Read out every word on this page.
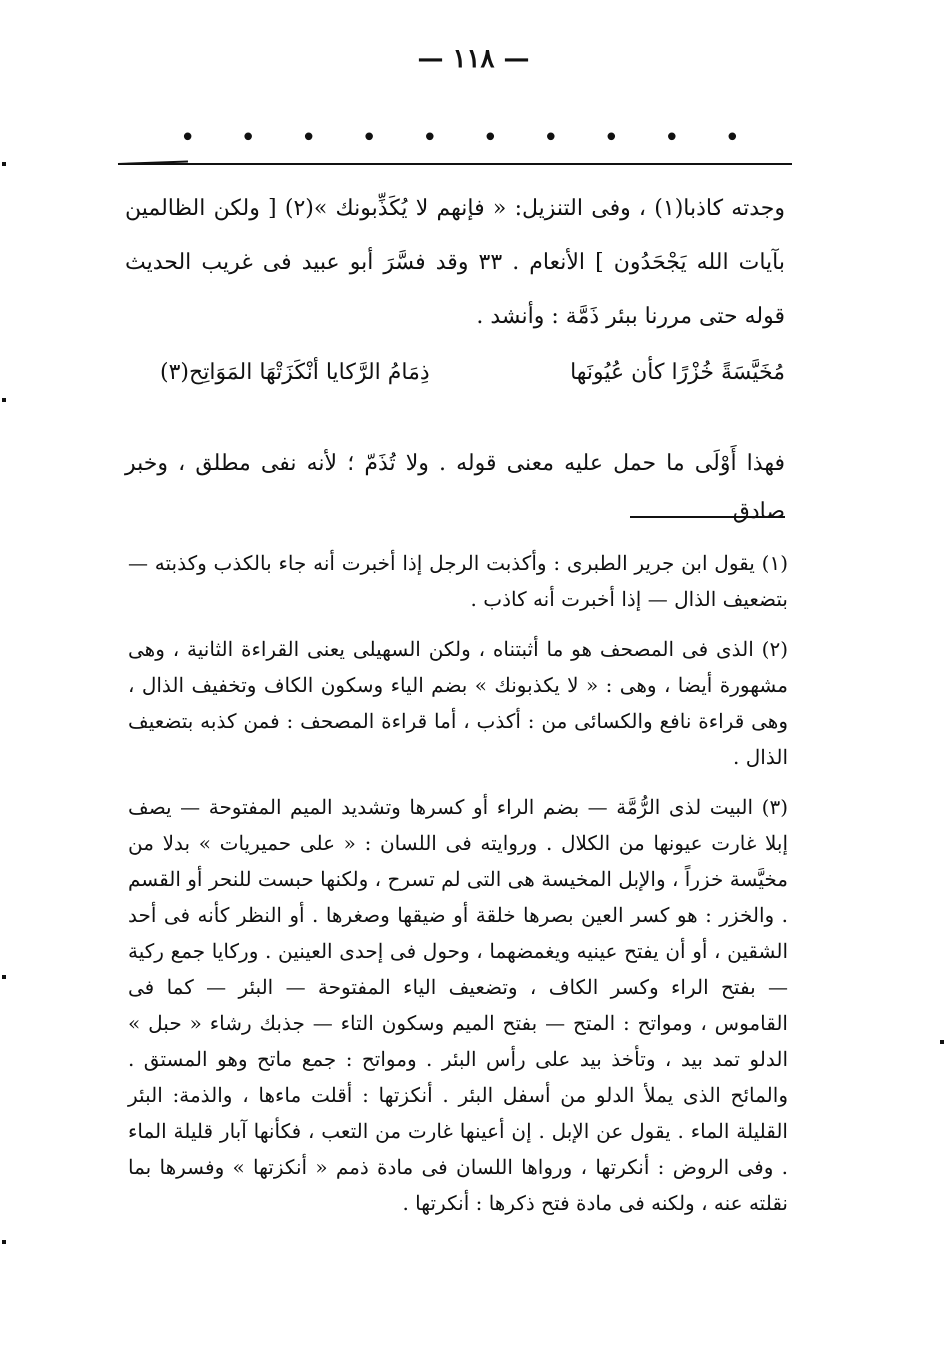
— ١١٨ —
• • • • • • • • • •

وجدته كاذبا(١) ، وفى التنزيل: « فإنهم لا يُكَذِّبونك »(٢) [ ولكن الظالمين بآيات الله يَجْحَدُون ] الأنعام . ٣٣ وقد فسَّرَ أبو عبيد فى غريب الحديث قوله حتى مررنا ببئر ذَمَّة : وأنشد .

مُخَيَّسَةً خُزْرًا كأن عُيُونَها
ذِمَامُ الرَّكايا أنْكَزَتْهَا المَوَاتِح(٣)

فهذا أَوْلَى ما حمل عليه معنى قوله . ولا تُذَمّ ؛ لأنه نفى مطلق ، وخبر صادق

(١) يقول ابن جرير الطبرى : وأكذبت الرجل إذا أخبرت أنه جاء بالكذب وكذبته — بتضعيف الذال — إذا أخبرت أنه كاذب .

(٢) الذى فى المصحف هو ما أثبتناه ، ولكن السهيلى يعنى القراءة الثانية ، وهى مشهورة أيضا ، وهى : « لا يكذبونك » بضم الياء وسكون الكاف وتخفيف الذال ، وهى قراءة نافع والكسائى من : أكذب ، أما قراءة المصحف : فمن كذبه بتضعيف الذال .

(٣) البيت لذى الرُّمَّة — بضم الراء أو كسرها وتشديد الميم المفتوحة — يصف إبلا غارت عيونها من الكلال . وروايته فى اللسان : « على حميريات » بدلا من مخيَّسة خزراً ، والإبل المخيسة هى التى لم تسرح ، ولكنها حبست للنحر أو القسم . والخزر : هو كسر العين بصرها خلقة أو ضيقها وصغرها . أو النظر كأنه فى أحد الشقين ، أو أن يفتح عينيه ويغمضهما ، وحول فى إحدى العينين . وركايا جمع ركية — بفتح الراء وكسر الكاف ، وتضعيف الياء المفتوحة — البئر — كما فى القاموس ، ومواتح : المتح — بفتح الميم وسكون التاء — جذبك رشاء « حبل » الدلو تمد بيد ، وتأخذ بيد على رأس البئر . ومواتح : جمع ماتح وهو المستق . والمائح الذى يملأ الدلو من أسفل البئر . أنكزتها : أقلت ماءها ، والذمة: البئر القليلة الماء . يقول عن الإبل . إن أعينها غارت من التعب ، فكأنها آبار قليلة الماء . وفى الروض : أنكرتها ، ورواها اللسان فى مادة ذمم « أنكزتها » وفسرها بما نقلته عنه ، ولكنه فى مادة فتح ذكرها : أنكرتها .
